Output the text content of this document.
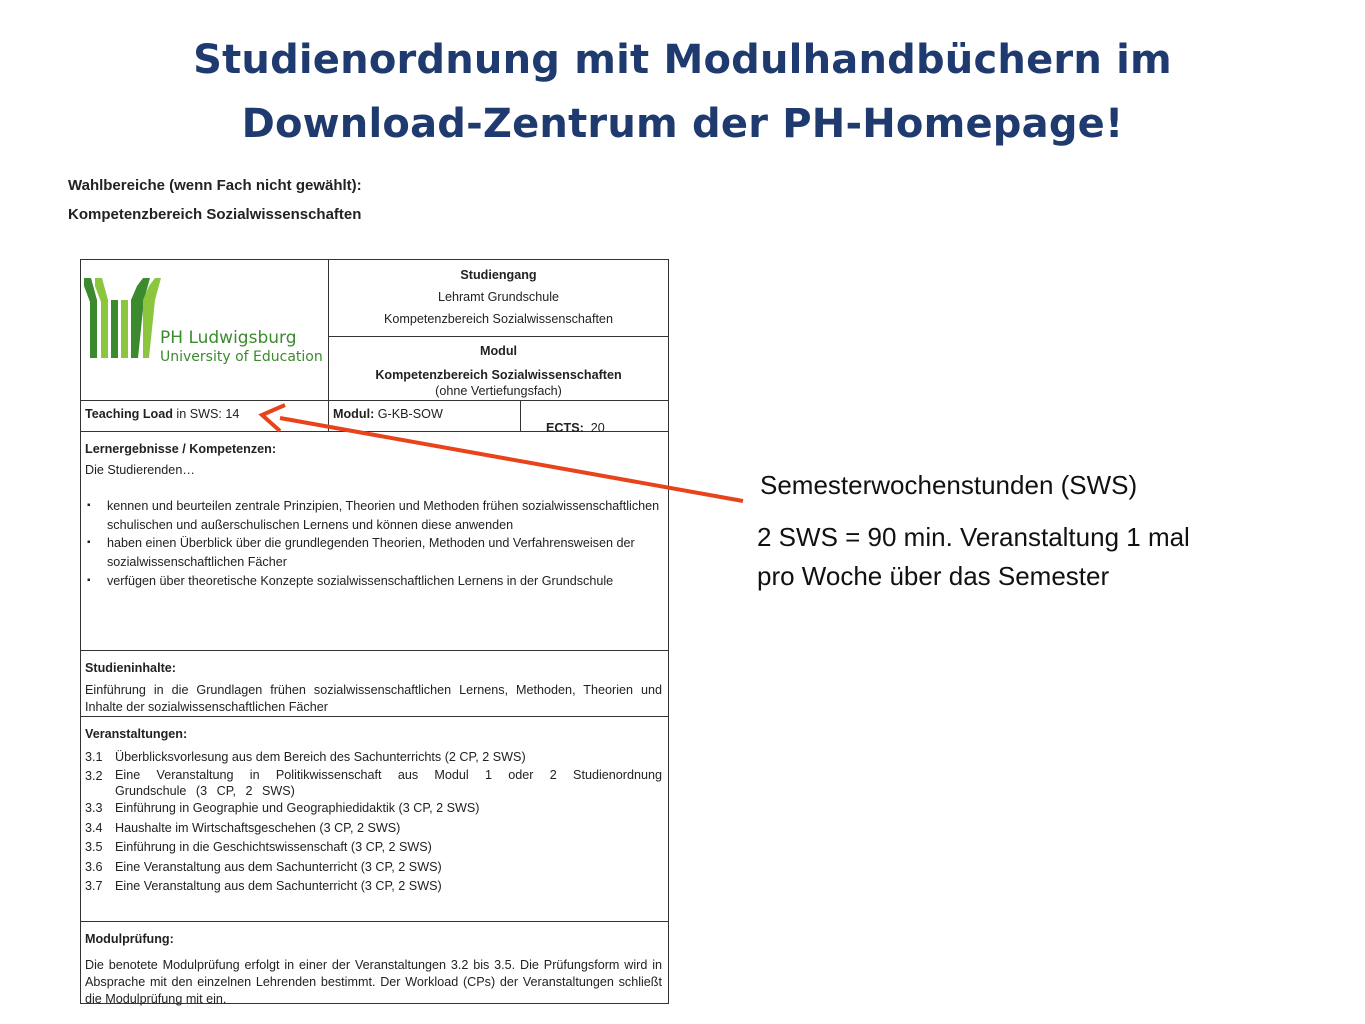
Studienordnung mit Modulhandbüchern im
Download-Zentrum der PH-Homepage!
Wahlbereiche (wenn Fach nicht gewählt):
Kompetenzbereich Sozialwissenschaften
PH Ludwigsburg
University of Education
Studiengang
Lehramt Grundschule
Kompetenzbereich Sozialwissenschaften
Modul
Kompetenzbereich Sozialwissenschaften
(ohne Vertiefungsfach)
Teaching Load in SWS: 14	Modul: G-KB-SOW

ECTS:  20

Lernergebnisse / Kompetenzen:
Die Studierenden…
▪ kennen und beurteilen zentrale Prinzipien, Theorien und Methoden frühen sozialwissenschaftlichen schulischen und außerschulischen Lernens und können diese anwenden
▪ haben einen Überblick über die grundlegenden Theorien, Methoden und Verfahrensweisen der sozialwissenschaftlichen Fächer
▪ verfügen über theoretische Konzepte sozialwissenschaftlichen Lernens in der Grundschule
Studieninhalte:
Einführung in die Grundlagen frühen sozialwissenschaftlichen Lernens, Methoden, Theorien und Inhalte der sozialwissenschaftlichen Fächer
Veranstaltungen:
3.1 Überblicksvorlesung aus dem Bereich des Sachunterrichts (2 CP, 2 SWS)
3.2 Eine Veranstaltung in Politikwissenschaft aus Modul 1 oder 2 Studienordnung Grundschule (3 CP, 2 SWS)
3.3 Einführung in Geographie und Geographiedidaktik (3 CP, 2 SWS)
3.4 Haushalte im Wirtschaftsgeschehen (3 CP, 2 SWS)
3.5 Einführung in die Geschichtswissenschaft (3 CP, 2 SWS)
3.6 Eine Veranstaltung aus dem Sachunterricht (3 CP, 2 SWS)
3.7 Eine Veranstaltung aus dem Sachunterricht (3 CP, 2 SWS)
Modulprüfung:
Die benotete Modulprüfung erfolgt in einer der Veranstaltungen 3.2 bis 3.5. Die Prüfungsform wird in Absprache mit den einzelnen Lehrenden bestimmt. Der Workload (CPs) der Veranstaltungen schließt die Modulprüfung mit ein.
Semesterwochenstunden (SWS)
2 SWS = 90 min. Veranstaltung 1 mal
pro Woche über das Semester
